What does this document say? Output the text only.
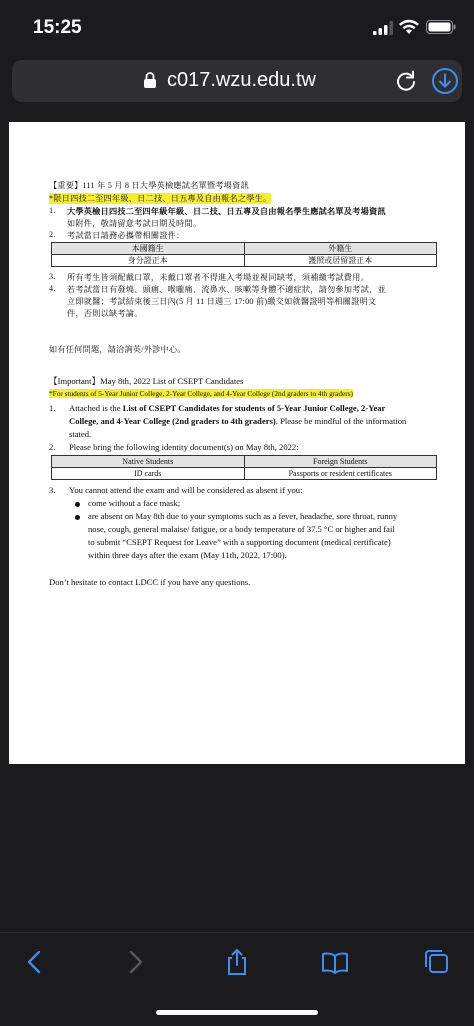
15:25
c017.wzu.edu.tw
【重要】111 年 5 月 8 日大學英檢應試名單暨考場資訊
*限日四技二至四年級、日二技、日五專及自由報名之學生。
1. 大學英檢日四技二至四年級年級、日二技、日五專及自由報名學生應試名單及考場資訊
如附件，敬請留意考試日期及時間。
2. 考試當日請務必攜帶相關證件：
本國籍生	外籍生
身分證正本	護照或居留證正本
3. 所有考生皆須配戴口罩，未戴口罩者不得進入考場並視同缺考，須補繳考試費用。
4. 若考試當日有發燒、頭痛、喉嚨痛、流鼻水、咳嗽等身體不適症狀，請勿參加考試，並
立即就醫；考試結束後三日內(5 月 11 日週三 17:00 前)繳交如就醫證明等相關證明文
件，否則以缺考論。
如有任何問題，請洽詢英/外診中心。
【Important】May 8th, 2022 List of CSEPT Candidates
*For students of 5-Year Junior College, 2-Year College, and 4-Year College (2nd graders to 4th graders)
1. Attached is the List of CSEPT Candidates for students of 5-Year Junior College, 2-Year
College, and 4-Year College (2nd graders to 4th graders). Please be mindful of the information
stated.
2. Please bring the following identity document(s) on May 8th, 2022:
Native Students	Foreign Students
ID cards	Passports or resident certificates
3. You cannot attend the exam and will be considered as absent if you:
come without a face mask;
are absent on May 8th due to your symptoms such as a fever, headache, sore throat, runny
nose, cough, general malaise/ fatigue, or a body temperature of 37.5 °C or higher and fail
to submit “CSEPT Request for Leave” with a supporting document (medical certificate)
within three days after the exam (May 11th, 2022, 17:00).
Don’t hesitate to contact LDCC if you have any questions.
